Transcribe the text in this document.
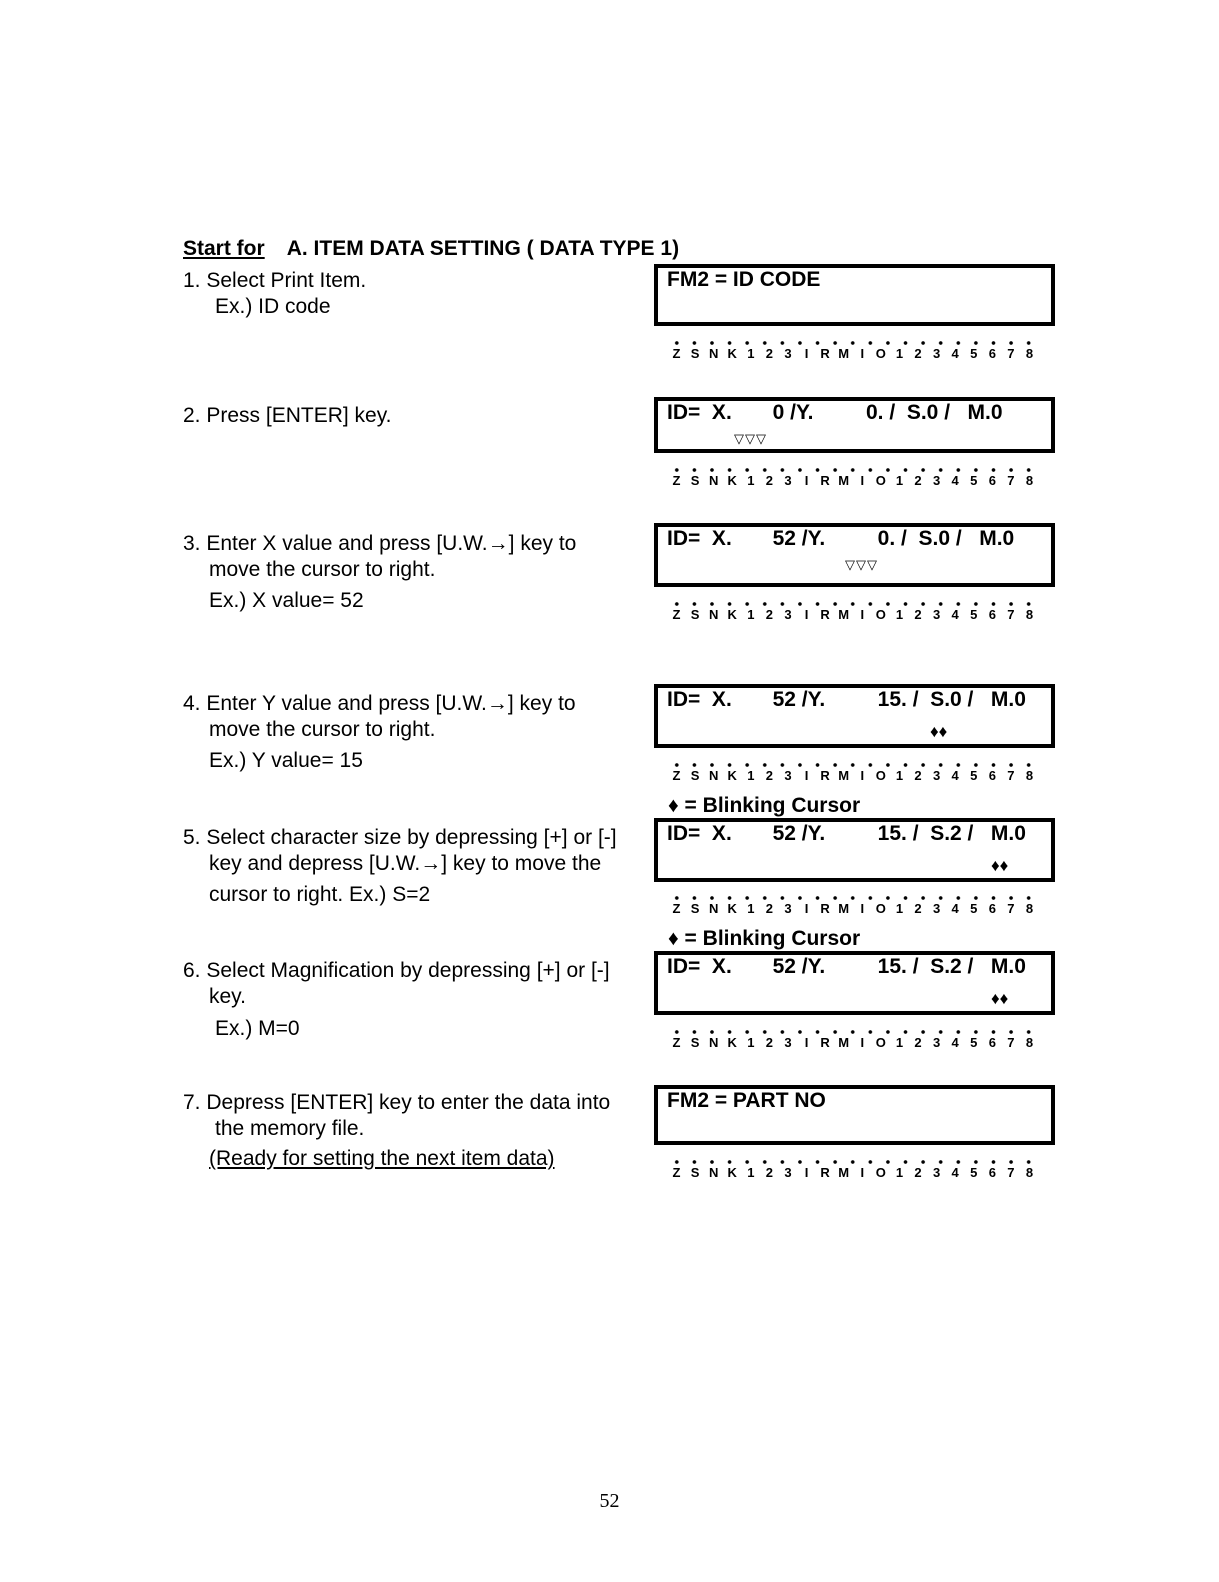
Start for A. ITEM DATA SETTING ( DATA TYPE 1)
1. Select Print Item.
Ex.) ID code
2. Press [ENTER] key.
3. Enter X value and press [U.W.→] key to
move the cursor to right.
Ex.) X value= 52
4. Enter Y value and press [U.W.→] key to
move the cursor to right.
Ex.) Y value= 15
5. Select character size by depressing [+] or [-]
key and depress [U.W.→] key to move the
cursor to right. Ex.) S=2
6. Select Magnification by depressing [+] or [-]
key.
Ex.) M=0
7. Depress [ENTER] key to enter the data into
the memory file.
(Ready for setting the next item data)
FM2 = ID CODE
ID=  X.       0 /Y.         0. /  S.0 /   M.0
▽▽▽
ID=  X.       52 /Y.         0. /  S.0 /   M.0
▽▽▽
ID=  X.       52 /Y.         15. /  S.0 /   M.0
♦♦
ID=  X.       52 /Y.         15. /  S.2 /   M.0
♦♦
ID=  X.       52 /Y.         15. /  S.2 /   M.0
♦♦
FM2 = PART NO
Z S N K 1 2 3	I R M I O 1 2 3 4 5 6 7 8
Z S N K 1 2 3	I R M I O 1 2 3 4 5 6 7 8
Z S N K 1 2 3	I R M I O 1 2 3 4 5 6 7 8
Z S N K 1 2 3	I R M I O 1 2 3 4 5 6 7 8
Z S N K 1 2 3	I R M I O 1 2 3 4 5 6 7 8
Z S N K 1 2 3	I R M I O 1 2 3 4 5 6 7 8
Z S N K 1 2 3	I R M I O 1 2 3 4 5 6 7 8
♦ = Blinking Cursor
♦ = Blinking Cursor
52
